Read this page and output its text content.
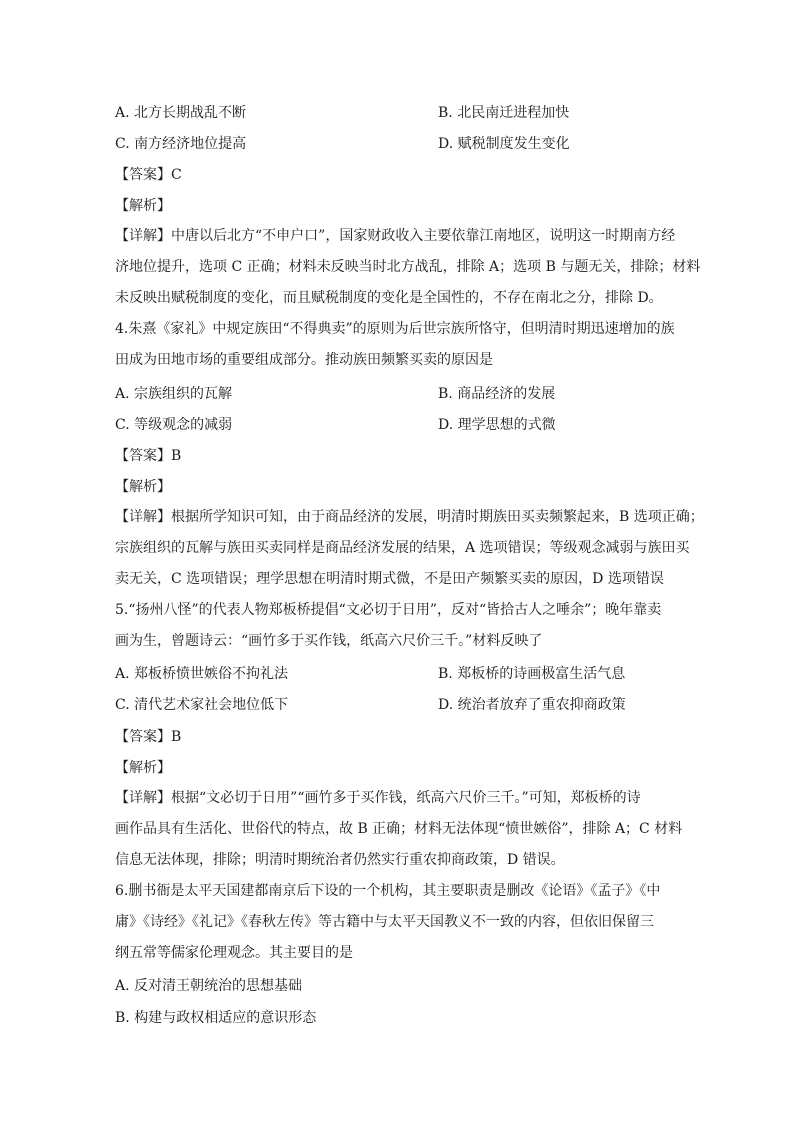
A. 北方长期战乱不断	B. 北民南迁进程加快
C. 南方经济地位提高	D. 赋税制度发生变化
【答案】C
【解析】
【详解】中唐以后北方“不申户口”，国家财政收入主要依靠江南地区，说明这一时期南方经
济地位提升，选项 C 正确；材料未反映当时北方战乱，排除 A；选项 B 与题无关，排除；材料
未反映出赋税制度的变化，而且赋税制度的变化是全国性的，不存在南北之分，排除 D。
4.朱熹《家礼》中规定族田“不得典卖”的原则为后世宗族所恪守，但明清时期迅速增加的族
田成为田地市场的重要组成部分。推动族田频繁买卖的原因是
A. 宗族组织的瓦解	B. 商品经济的发展
C. 等级观念的减弱	D. 理学思想的式微
【答案】B
【解析】
【详解】根据所学知识可知，由于商品经济的发展，明清时期族田买卖频繁起来，B 选项正确；
宗族组织的瓦解与族田买卖同样是商品经济发展的结果，A 选项错误；等级观念减弱与族田买
卖无关，C 选项错误；理学思想在明清时期式微，不是田产频繁买卖的原因，D 选项错误
5.“扬州八怪”的代表人物郑板桥提倡“文必切于日用”，反对“皆拾古人之唾余”；晚年靠卖
画为生，曾题诗云：“画竹多于买作钱，纸高六尺价三千。”材料反映了
A. 郑板桥愤世嫉俗不拘礼法	B. 郑板桥的诗画极富生活气息
C. 清代艺术家社会地位低下	D. 统治者放弃了重农抑商政策
【答案】B
【解析】
【详解】根据“文必切于日用”“画竹多于买作钱，纸高六尺价三千。”可知，郑板桥的诗
画作品具有生活化、世俗代的特点，故 B 正确；材料无法体现“愤世嫉俗”，排除 A；C 材料
信息无法体现，排除；明清时期统治者仍然实行重农抑商政策，D 错误。
6.删书衙是太平天国建都南京后下设的一个机构，其主要职责是删改《论语》《孟子》《中
庸》《诗经》《礼记》《春秋左传》等古籍中与太平天国教义不一致的内容，但依旧保留三
纲五常等儒家伦理观念。其主要目的是
A. 反对清王朝统治的思想基础
B. 构建与政权相适应的意识形态
